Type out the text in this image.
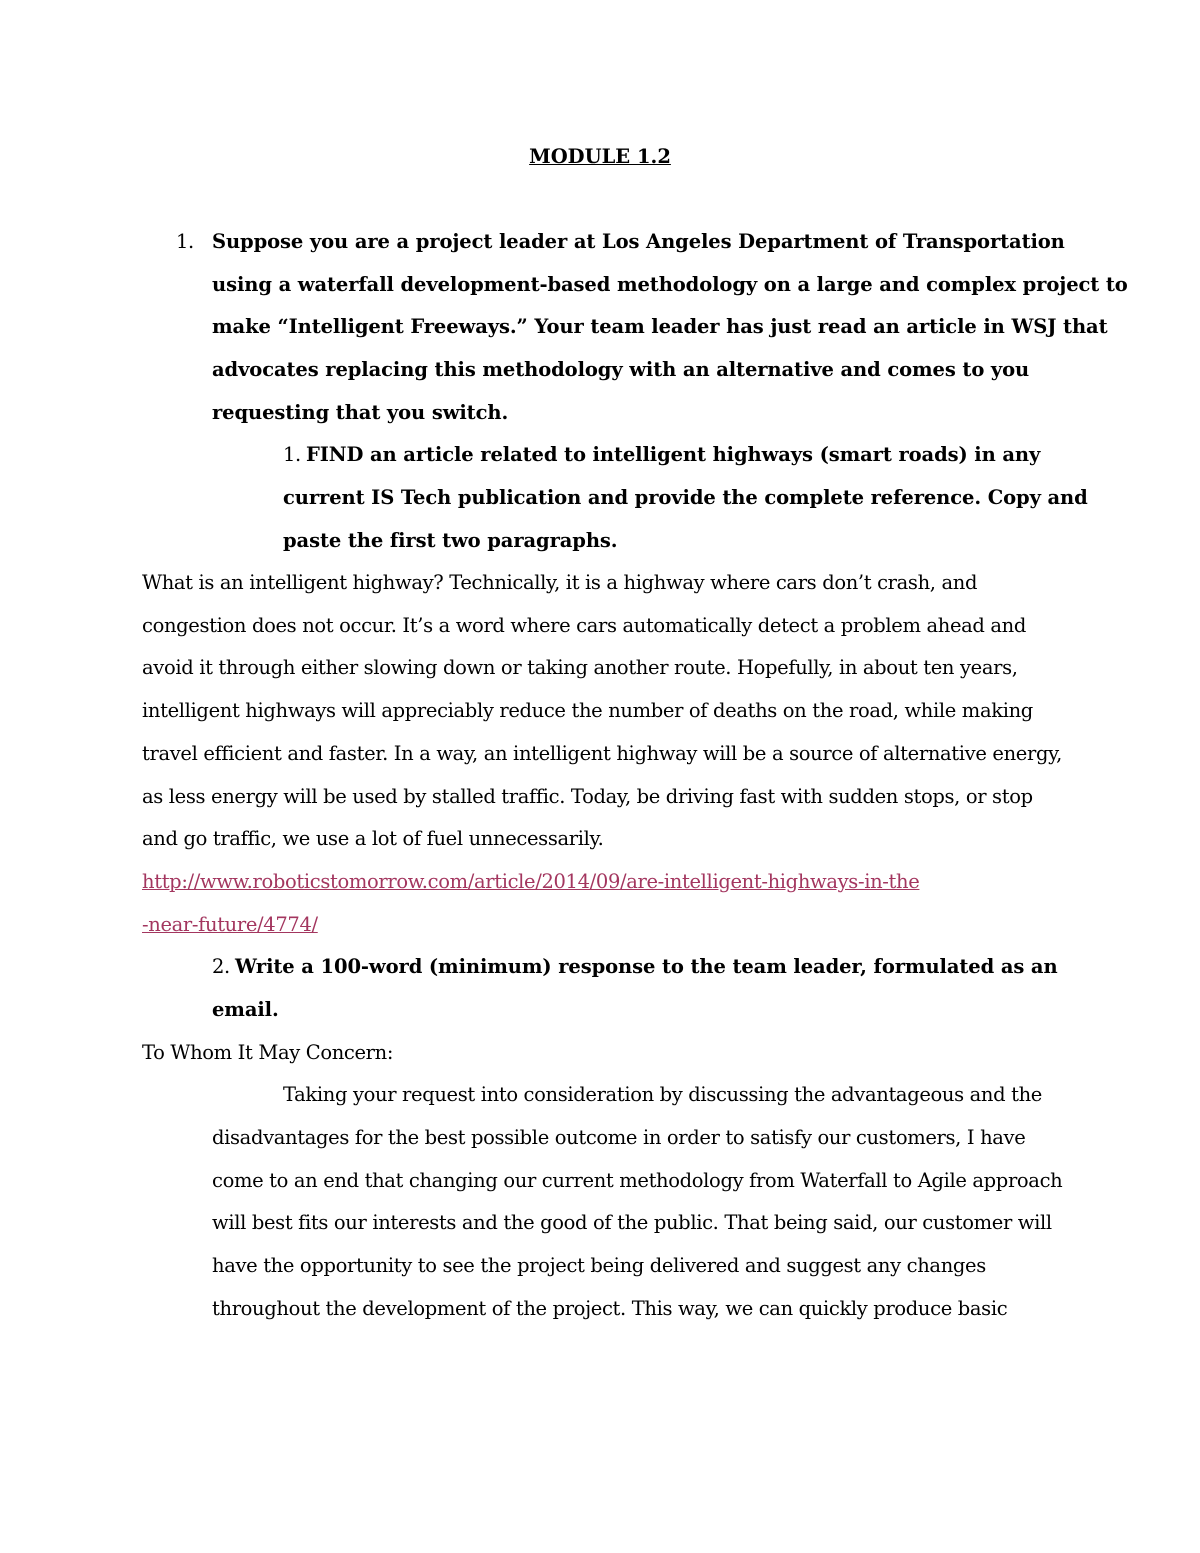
MODULE 1.2
1. Suppose you are a project leader at Los Angeles Department of Transportation
using a waterfall development-based methodology on a large and complex project to
make “Intelligent Freeways.” Your team leader has just read an article in WSJ that
advocates replacing this methodology with an alternative and comes to you
requesting that you switch.
1. FIND an article related to intelligent highways (smart roads) in any
current IS Tech publication and provide the complete reference. Copy and
paste the first two paragraphs.
What is an intelligent highway? Technically, it is a highway where cars don’t crash, and
congestion does not occur. It’s a word where cars automatically detect a problem ahead and
avoid it through either slowing down or taking another route. Hopefully, in about ten years,
intelligent highways will appreciably reduce the number of deaths on the road, while making
travel efficient and faster. In a way, an intelligent highway will be a source of alternative energy,
as less energy will be used by stalled traffic. Today, be driving fast with sudden stops, or stop
and go traffic, we use a lot of fuel unnecessarily.
http://www.roboticstomorrow.com/article/2014/09/are-intelligent-highways-in-the
-near-future/4774/
2. Write a 100-word (minimum) response to the team leader, formulated as an
email.
To Whom It May Concern:
Taking your request into consideration by discussing the advantageous and the
disadvantages for the best possible outcome in order to satisfy our customers, I have
come to an end that changing our current methodology from Waterfall to Agile approach
will best fits our interests and the good of the public. That being said, our customer will
have the opportunity to see the project being delivered and suggest any changes
throughout the development of the project. This way, we can quickly produce basic
